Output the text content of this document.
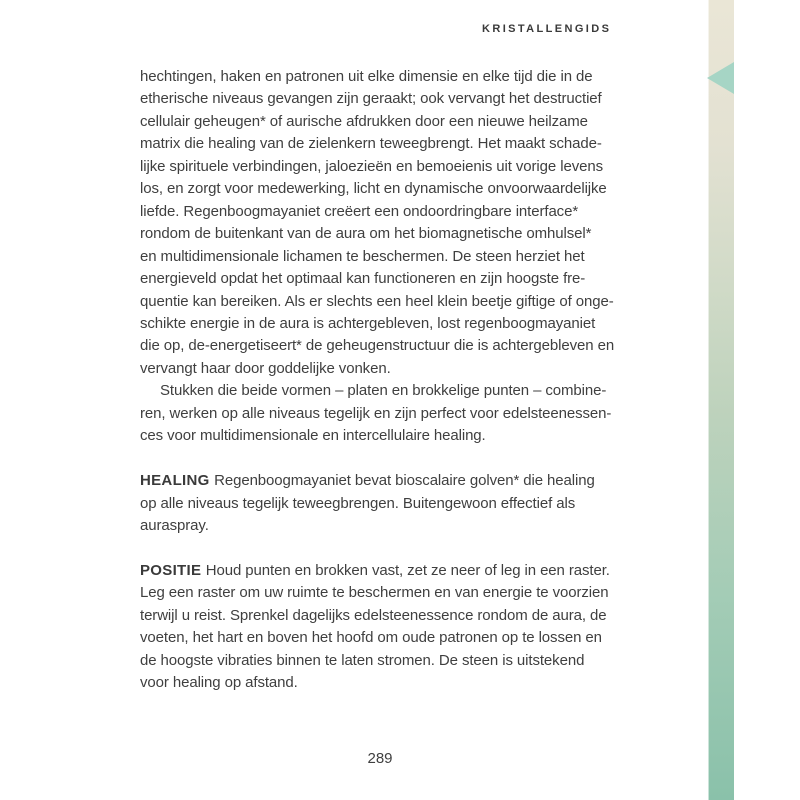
KRISTALLENGIDS
hechtingen, haken en patronen uit elke dimensie en elke tijd die in de
etherische niveaus gevangen zijn geraakt; ook vervangt het destructief
cellulair geheugen* of aurische afdrukken door een nieuwe heilzame
matrix die healing van de zielenkern teweegbrengt. Het maakt schade-
lijke spirituele verbindingen, jaloezieën en bemoeienis uit vorige levens
los, en zorgt voor medewerking, licht en dynamische onvoorwaardelijke
liefde. Regenboogmayaniet creëert een ondoordringbare interface*
rondom de buitenkant van de aura om het biomagnetische omhulsel*
en multidimensionale lichamen te beschermen. De steen herziet het
energieveld opdat het optimaal kan functioneren en zijn hoogste fre-
quentie kan bereiken. Als er slechts een heel klein beetje giftige of onge-
schikte energie in de aura is achtergebleven, lost regenboogmayaniet
die op, de-energetiseert* de geheugenstructuur die is achtergebleven en
vervangt haar door goddelijke vonken.
Stukken die beide vormen – platen en brokkelige punten – combine-
ren, werken op alle niveaus tegelijk en zijn perfect voor edelsteenessen-
ces voor multidimensionale en intercellulaire healing.
HEALING Regenboogmayaniet bevat bioscalaire golven* die healing
op alle niveaus tegelijk teweegbrengen. Buitengewoon effectief als
auraspray.
POSITIE Houd punten en brokken vast, zet ze neer of leg in een raster.
Leg een raster om uw ruimte te beschermen en van energie te voorzien
terwijl u reist. Sprenkel dagelijks edelsteenessence rondom de aura, de
voeten, het hart en boven het hoofd om oude patronen op te lossen en
de hoogste vibraties binnen te laten stromen. De steen is uitstekend
voor healing op afstand.
289
